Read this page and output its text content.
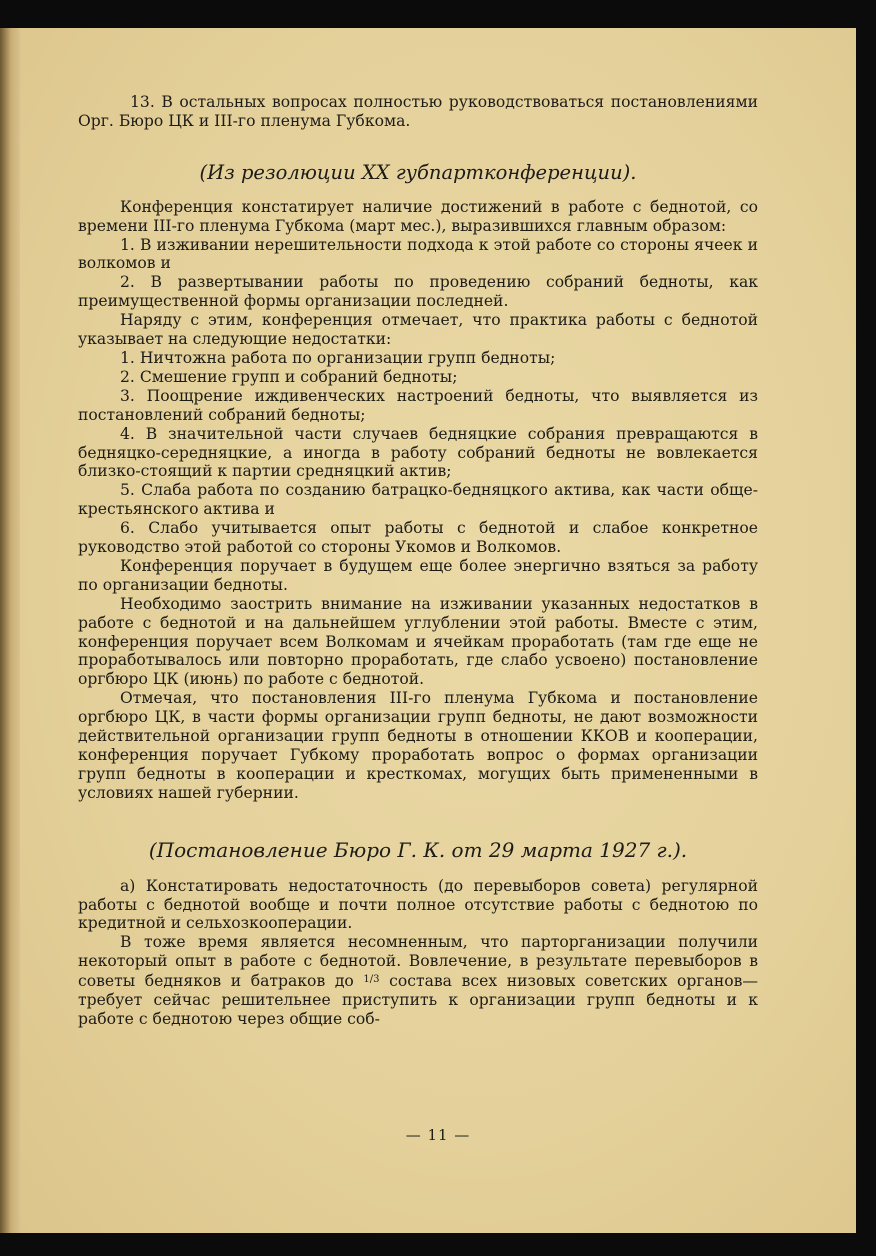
13. В остальных вопросах полностью руководствоваться постановлениями Орг. Бюро ЦК и III-го пленума Губкома.

(Из резолюции XX губпартконференции).

Конференция констатирует наличие достижений в работе с беднотой, со времени III-го пленума Губкома (март мес.), выразившихся главным образом:

1. В изживании нерешительности подхода к этой работе со стороны ячеек и волкомов и

2. В развертывании работы по проведению собраний бедноты, как преимущественной формы организации последней.

Наряду с этим, конференция отмечает, что практика работы с беднотой указывает на следующие недостатки:

1. Ничтожна работа по организации групп бедноты;

2. Смешение групп и собраний бедноты;

3. Поощрение иждивенческих настроений бедноты, что выявляется из постановлений собраний бедноты;

4. В значительной части случаев бедняцкие собрания превращаются в бедняцко-середняцкие, а иногда в работу собраний бедноты не вовлекается близко-стоящий к партии средняцкий актив;

5. Слаба работа по созданию батрацко-бедняцкого актива, как части обще-крестьянского актива и

6. Слабо учитывается опыт работы с беднотой и слабое конкретное руководство этой работой со стороны Укомов и Волкомов.

Конференция поручает в будущем еще более энергично взяться за работу по организации бедноты.

Необходимо заострить внимание на изживании указанных недостатков в работе с беднотой и на дальнейшем углублении этой работы. Вместе с этим, конференция поручает всем Волкомам и ячейкам проработать (там где еще не проработывалось или повторно проработать, где слабо усвоено) постановление оргбюро ЦК (июнь) по работе с беднотой.

Отмечая, что постановления III-го пленума Губкома и постановление оргбюро ЦК, в части формы организации групп бедноты, не дают возможности действительной организации групп бедноты в отношении ККОВ и кооперации, конференция поручает Губкому проработать вопрос о формах организации групп бедноты в кооперации и кресткомах, могущих быть примененными в условиях нашей губернии.

(Постановление Бюро Г. К. от 29 марта 1927 г.).

а) Констатировать недостаточность (до перевыборов совета) регулярной работы с беднотой вообще и почти полное отсутствие работы с беднотою по кредитной и сельхозкооперации.

В тоже время является несомненным, что парторганизации получили некоторый опыт в работе с беднотой. Вовлечение, в результате перевыборов в советы бедняков и батраков до $^{1/3}$ состава всех низовых советских органов—требует сейчас решительнее приступить к организации групп бедноты и к работе с беднотою через общие соб-

— 11 —
